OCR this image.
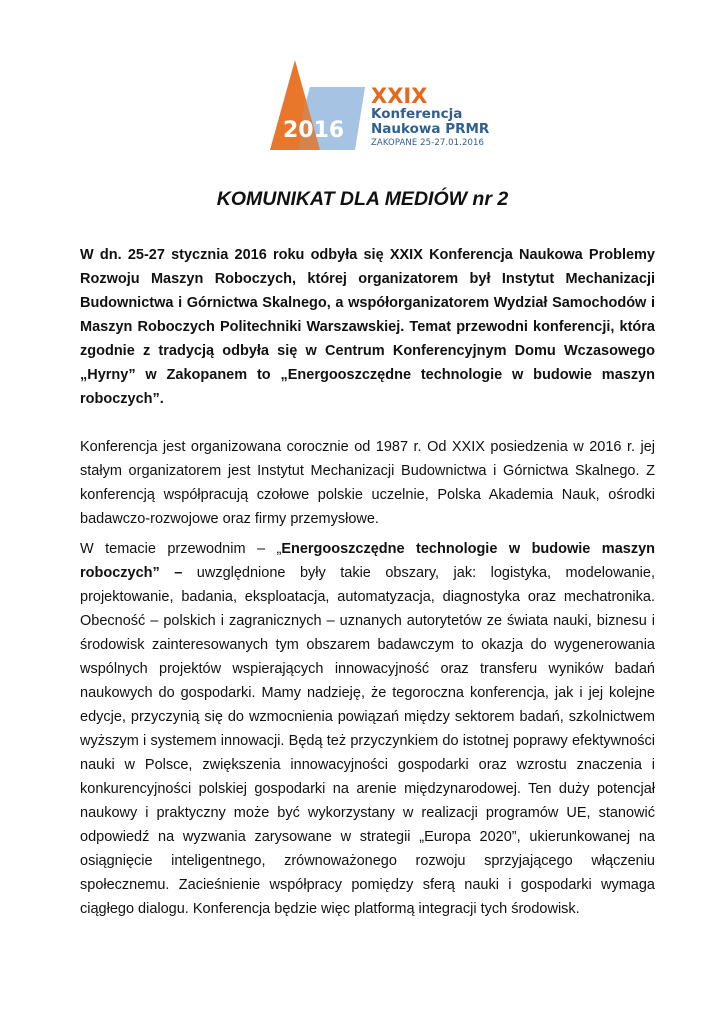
2016
XXIX
Konferencja
Naukowa PRMR
ZAKOPANE 25-27.01.2016
KOMUNIKAT DLA MEDIÓW nr 2

W dn. 25-27 stycznia 2016 roku odbyła się XXIX Konferencja Naukowa Problemy Rozwoju Maszyn Roboczych, której organizatorem był Instytut Mechanizacji Budownictwa i Górnictwa Skalnego, a współorganizatorem Wydział Samochodów i Maszyn Roboczych Politechniki Warszawskiej. Temat przewodni konferencji, która zgodnie z tradycją odbyła się w Centrum Konferencyjnym Domu Wczasowego „Hyrny” w Zakopanem to „Energooszczędne technologie w budowie maszyn roboczych”.

Konferencja jest organizowana corocznie od 1987 r. Od XXIX posiedzenia w 2016 r. jej stałym organizatorem jest Instytut Mechanizacji Budownictwa i Górnictwa Skalnego. Z konferencją współpracują czołowe polskie uczelnie, Polska Akademia Nauk, ośrodki badawczo-rozwojowe oraz firmy przemysłowe.

W temacie przewodnim – „Energooszczędne technologie w budowie maszyn roboczych” – uwzględnione były takie obszary, jak: logistyka, modelowanie, projektowanie, badania, eksploatacja, automatyzacja, diagnostyka oraz mechatronika. Obecność – polskich i zagranicznych – uznanych autorytetów ze świata nauki, biznesu i środowisk zainteresowanych tym obszarem badawczym to okazja do wygenerowania wspólnych projektów wspierających innowacyjność oraz transferu wyników badań naukowych do gospodarki. Mamy nadzieję, że tegoroczna konferencja, jak i jej kolejne edycje, przyczynią się do wzmocnienia powiązań między sektorem badań, szkolnictwem wyższym i systemem innowacji. Będą też przyczynkiem do istotnej poprawy efektywności nauki w Polsce, zwiększenia innowacyjności gospodarki oraz wzrostu znaczenia i konkurencyjności polskiej gospodarki na arenie międzynarodowej. Ten duży potencjał naukowy i praktyczny może być wykorzystany w realizacji programów UE, stanowić odpowiedź na wyzwania zarysowane w strategii „Europa 2020”, ukierunkowanej na osiągnięcie inteligentnego, zrównoważonego rozwoju sprzyjającego włączeniu społecznemu. Zacieśnienie współpracy pomiędzy sferą nauki i gospodarki wymaga ciągłego dialogu. Konferencja będzie więc platformą integracji tych środowisk.
